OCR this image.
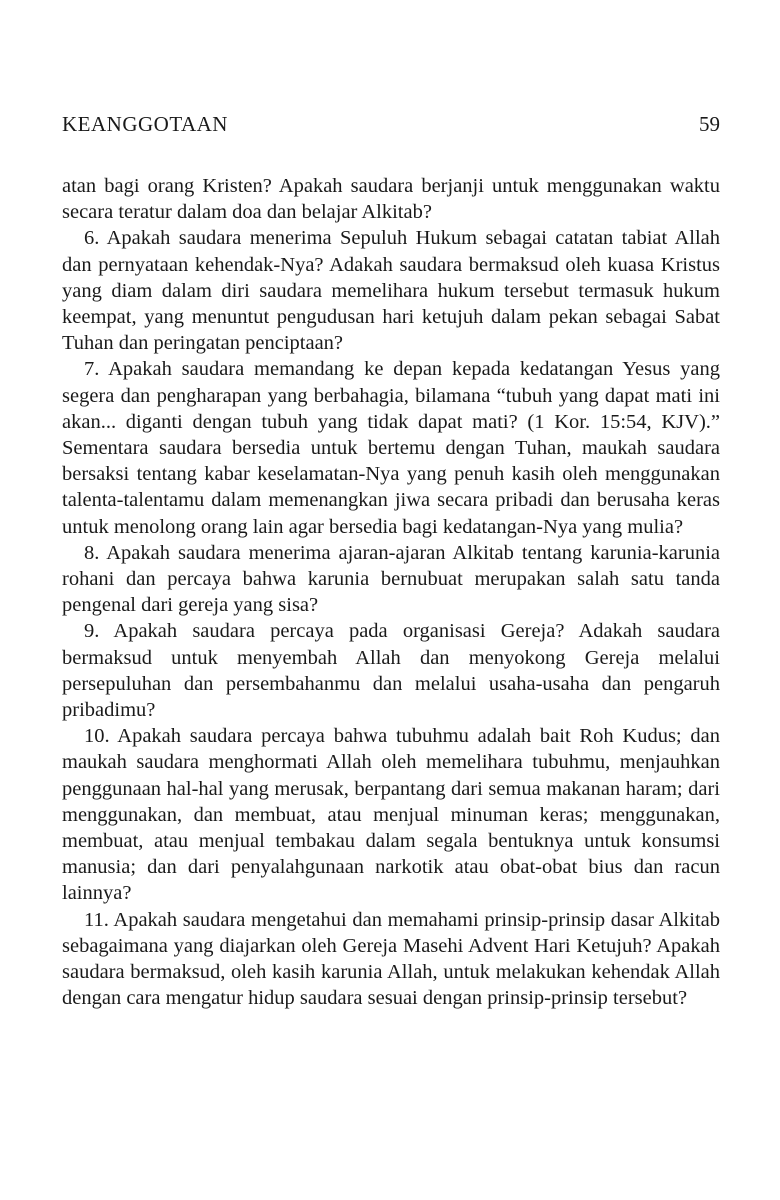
KEANGGOTAAN	59

atan bagi orang Kristen? Apakah saudara berjanji untuk menggunakan waktu secara teratur dalam doa dan belajar Alkitab?

6. Apakah saudara menerima Sepuluh Hukum sebagai catatan tabiat Allah dan pernyataan kehendak-Nya? Adakah saudara bermaksud oleh kuasa Kristus yang diam dalam diri saudara memelihara hukum tersebut termasuk hukum keempat, yang menuntut pengudusan hari ketujuh dalam pekan sebagai Sabat Tuhan dan peringatan penciptaan?

7. Apakah saudara memandang ke depan kepada kedatangan Yesus yang segera dan pengharapan yang berbahagia, bilamana “tubuh yang dapat mati ini akan... diganti dengan tubuh yang tidak dapat mati? (1 Kor. 15:54, KJV).” Sementara saudara bersedia untuk bertemu dengan Tuhan, maukah saudara bersaksi tentang kabar keselamatan-Nya yang penuh kasih oleh menggunakan talenta-talentamu dalam memenangkan jiwa secara pribadi dan berusaha keras untuk menolong orang lain agar bersedia bagi kedatangan-Nya yang mulia?

8. Apakah saudara menerima ajaran-ajaran Alkitab tentang karunia-karunia rohani dan percaya bahwa karunia bernubuat merupakan salah satu tanda pengenal dari gereja yang sisa?

9. Apakah saudara percaya pada organisasi Gereja? Adakah saudara bermaksud untuk menyembah Allah dan menyokong Gereja melalui persepuluhan dan persembahanmu dan melalui usaha-usaha dan pengaruh pribadimu?

10. Apakah saudara percaya bahwa tubuhmu adalah bait Roh Kudus; dan maukah saudara menghormati Allah oleh memelihara tubuhmu, menjauhkan penggunaan hal-hal yang merusak, berpantang dari semua makanan haram; dari menggunakan, dan membuat, atau menjual minuman keras; menggunakan, membuat, atau menjual tembakau dalam segala bentuknya untuk konsumsi manusia; dan dari penyalahgunaan narkotik atau obat-obat bius dan racun lainnya?

11. Apakah saudara mengetahui dan memahami prinsip-prinsip dasar Alkitab sebagaimana yang diajarkan oleh Gereja Masehi Advent Hari Ketujuh? Apakah saudara bermaksud, oleh kasih karunia Allah, untuk melakukan kehendak Allah dengan cara mengatur hidup saudara sesuai dengan prinsip-prinsip tersebut?
